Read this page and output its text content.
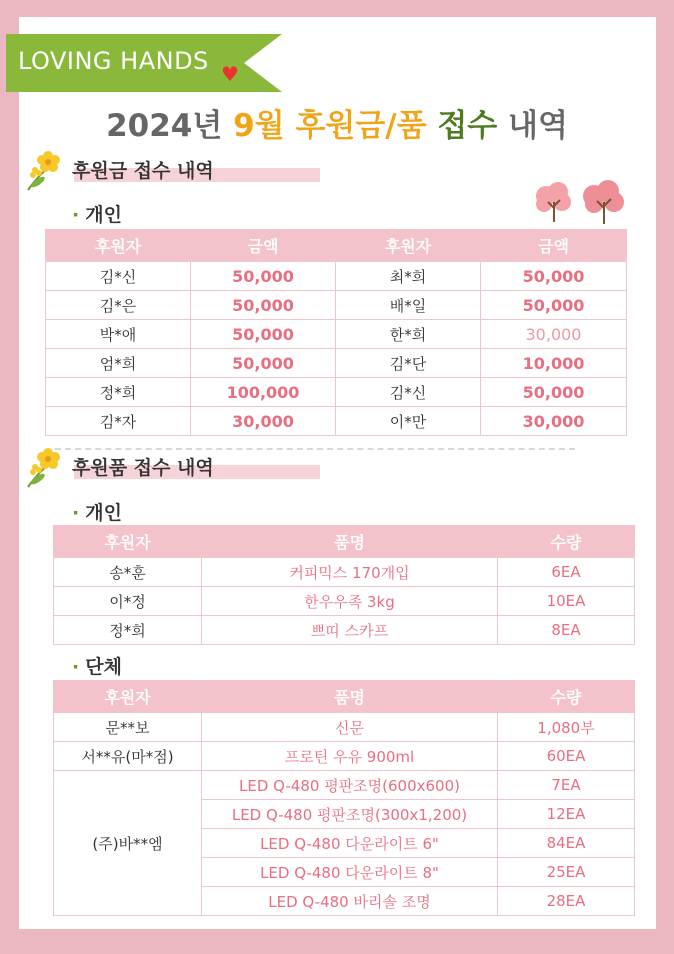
LOVING HANDS ♥
2024년 9월 후원금/품 접수 내역
후원금 접수 내역
· 개인
후원자	금액	후원자	금액
김*신	50,000	최*희	50,000
김*은	50,000	배*일	50,000
박*애	50,000	한*희	30,000
엄*희	50,000	김*단	10,000
정*희	100,000	김*신	50,000
김*자	30,000	이*만	30,000
후원품 접수 내역
· 개인
후원자	품명	수량
송*훈	커피믹스 170개입	6EA
이*정	한우우족 3kg	10EA
정*희	쁘띠 스카프	8EA
· 단체
후원자	품명	수량
문**보	신문	1,080부
서**유(마*점)	프로틴 우유 900ml	60EA
(주)바**엠	LED Q-480 평판조명(600x600)	7EA
	LED Q-480 평판조명(300x1,200)	12EA
	LED Q-480 다운라이트 6"	84EA
	LED Q-480 다운라이트 8"	25EA
	LED Q-480 바리솔 조명	28EA
